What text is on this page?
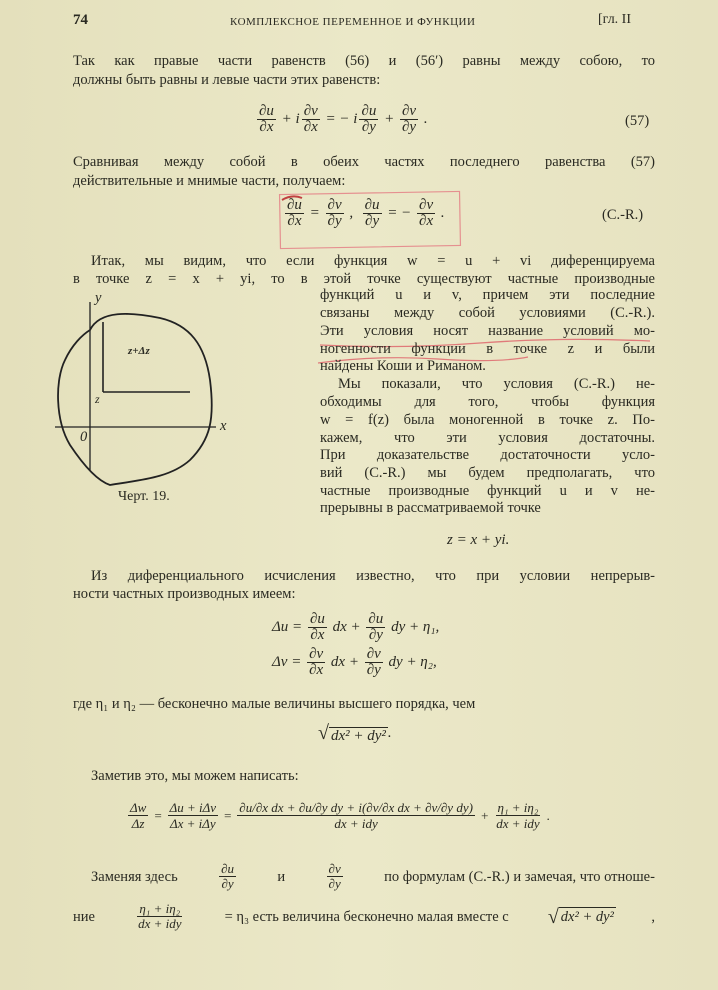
74	КОМПЛЕКСНОЕ ПЕРЕМЕННОЕ И ФУНКЦИИ	[гл. II
Так как правые части равенств (56) и (56′) равны между собою, то
должны быть равны и левые части этих равенств:
$\frac{\partial u}{\partial x} + i \frac{\partial v}{\partial x}$ = − i $\frac{\partial u}{\partial y} + \frac{\partial v}{\partial y}$ .	(57)
Сравнивая между собой в обеих частях последнего равенства (57)
действительные и мнимые части, получаем:
$\frac{\partial u}{\partial x} = \frac{\partial v}{\partial y}$ , $\frac{\partial u}{\partial y}$ = − $\frac{\partial v}{\partial x}$ .	(C.-R.)
Итак, мы видим, что если функция w = u + vi диференцируема
в точке z = x + yi, то в этой точке существуют частные производные
y
x
0
z
z+Δz
Черт. 19.
функций u и v, причем эти последние
связаны между собой условиями (C.-R.).
Эти условия носят название условий мо-
ногенности функции в точке z и были
найдены Коши и Риманом.
Мы показали, что условия (C.-R.) не-
обходимы для того, чтобы функция
w = f(z) была моногенной в точке z. По-
кажем, что эти условия достаточны.
При доказательстве достаточности усло-
вий (C.-R.) мы будем предполагать, что
частные производные функций u и v не-
прерывны в рассматриваемой точке
z = x + yi.
Из диференциального исчисления известно, что при условии непрерыв-
ности частных производных имеем:
$\Delta u = \frac{\partial u}{\partial x}$ dx + $\frac{\partial u}{\partial y}$ dy + η₁,
$\Delta v = \frac{\partial v}{\partial x}$ dx + $\frac{\partial v}{\partial y}$ dy + η₂,
где η₁ и η₂ — бесконечно малые величины высшего порядка, чем
√ dx² + dy² .
Заметив это, мы можем написать:
$\frac{\Delta w}{\Delta z} = \frac{\text{Δu + iΔv}}{\text{Δx + iΔy}} = \frac{\text{∂u/∂x dx + ∂u/∂y dy + i(∂v/∂x dx + ∂v/∂y dy)}}{\text{dx + idy}} + \frac{\text{η₁ + iη₂}}{\text{dx + idy}}$ .
Заменяя здесь	$\frac{\partial u}{\partial y}$	и	$\frac{\partial v}{\partial y}$	по формулам (C.-R.) и замечая, что отноше-
ние	$\frac{\text{η₁ + iη₂}}{\text{dx + idy}}$	= η₃ есть величина бесконечно малая вместе с √ dx² + dy²	,
